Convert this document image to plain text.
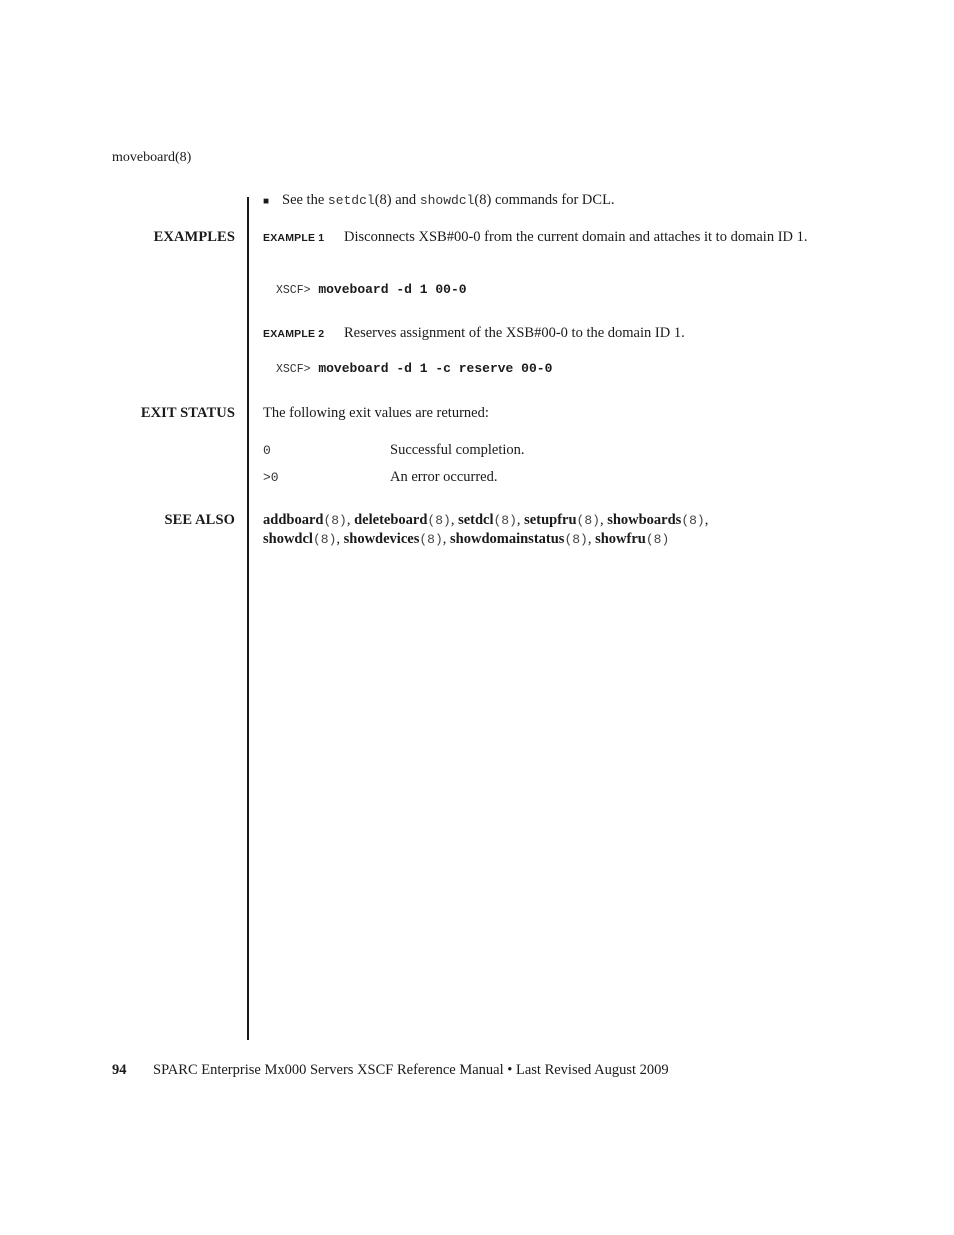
moveboard(8)
■ See the setdcl(8) and showdcl(8) commands for DCL.
EXAMPLES	EXAMPLE 1 Disconnects XSB#00-0 from the current domain and attaches it to domain ID 1.
XSCF> moveboard -d 1 00-0
EXAMPLE 2 Reserves assignment of the XSB#00-0 to the domain ID 1.
XSCF> moveboard -d 1 -c reserve 00-0
EXIT STATUS The following exit values are returned:
0	Successful completion.
>0	An error occurred.
SEE ALSO addboard(8), deleteboard(8), setdcl(8), setupfru(8), showboards(8),
showdcl(8), showdevices(8), showdomainstatus(8), showfru(8)
94 SPARC Enterprise Mx000 Servers XSCF Reference Manual • Last Revised August 2009
